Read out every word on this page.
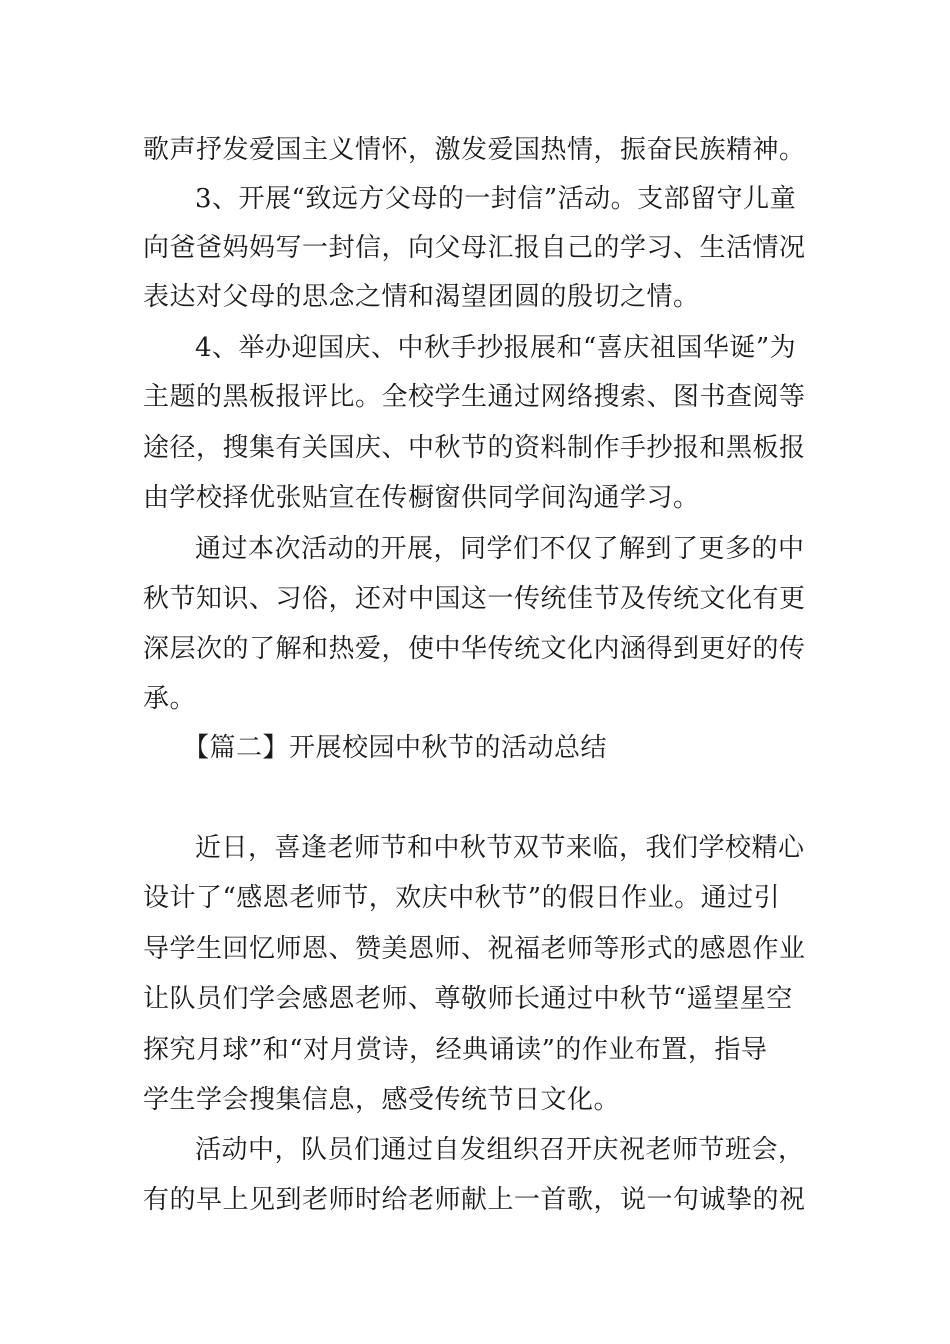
歌声抒发爱国主义情怀，激发爱国热情，振奋民族精神。
3、开展“致远方父母的一封信”活动。支部留守儿童
向爸爸妈妈写一封信，向父母汇报自己的学习、生活情况
表达对父母的思念之情和渴望团圆的殷切之情。
4、举办迎国庆、中秋手抄报展和“喜庆祖国华诞”为
主题的黑板报评比。全校学生通过网络搜索、图书查阅等
途径，搜集有关国庆、中秋节的资料制作手抄报和黑板报
由学校择优张贴宣在传橱窗供同学间沟通学习。
通过本次活动的开展，同学们不仅了解到了更多的中
秋节知识、习俗，还对中国这一传统佳节及传统文化有更
深层次的了解和热爱，使中华传统文化内涵得到更好的传
承。
【篇二】开展校园中秋节的活动总结
近日，喜逢老师节和中秋节双节来临，我们学校精心
设计了“感恩老师节，欢庆中秋节”的假日作业。通过引
导学生回忆师恩、赞美恩师、祝福老师等形式的感恩作业
让队员们学会感恩老师、尊敬师长通过中秋节“遥望星空
探究月球”和“对月赏诗，经典诵读”的作业布置，指导
学生学会搜集信息，感受传统节日文化。
活动中，队员们通过自发组织召开庆祝老师节班会，
有的早上见到老师时给老师献上一首歌，说一句诚挚的祝
